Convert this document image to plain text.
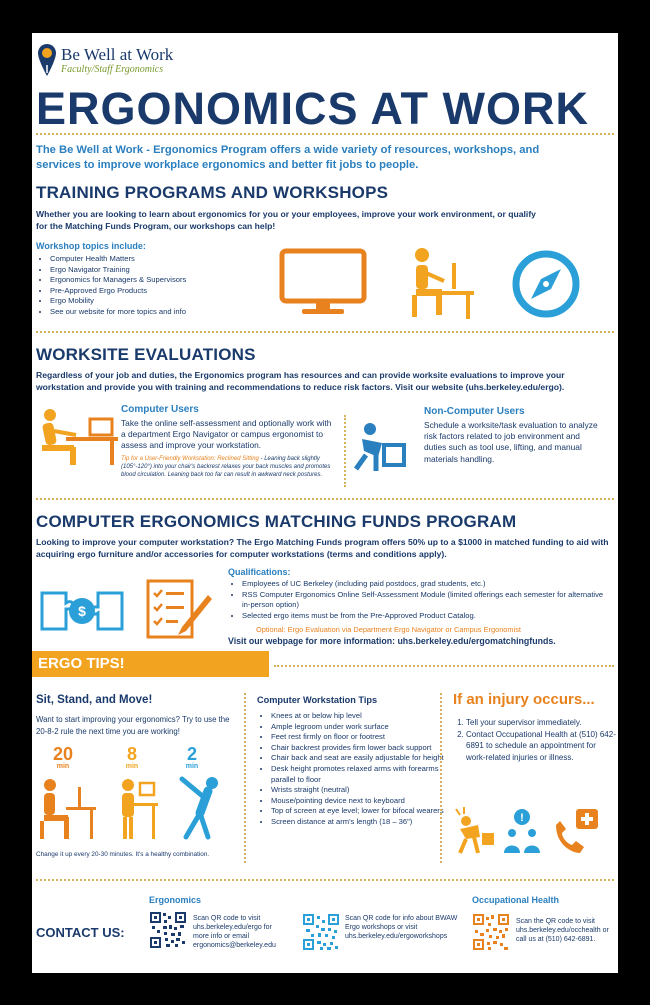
Be Well at Work
Faculty/Staff Ergonomics
ERGONOMICS AT WORK
The Be Well at Work - Ergonomics Program offers a wide variety of resources, workshops, and services to improve workplace ergonomics and better fit jobs to people.
TRAINING PROGRAMS AND WORKSHOPS
Whether you are looking to learn about ergonomics for you or your employees, improve your work environment, or qualify for the Matching Funds Program, our workshops can help!
Workshop topics include:
• Computer Health Matters
• Ergo Navigator Training
• Ergonomics for Managers & Supervisors
• Pre-Approved Ergo Products
• Ergo Mobility
• See our website for more topics and info
WORKSITE EVALUATIONS
Regardless of your job and duties, the Ergonomics program has resources and can provide worksite evaluations to improve your workstation and provide you with training and recommendations to reduce risk factors. Visit our website (uhs.berkeley.edu/ergo).
Computer Users
Take the online self-assessment and optionally work with a department Ergo Navigator or campus ergonomist to assess and improve your workstation.
Tip for a User-Friendly Workstation: Reclined Sitting - Leaning back slightly (105°-120°) into your chair's backrest relaxes your back muscles and promotes blood circulation. Leaning back too far can result in awkward neck postures.
Non-Computer Users
Schedule a worksite/task evaluation to analyze risk factors related to job environment and duties such as tool use, lifting, and manual materials handling.
COMPUTER ERGONOMICS MATCHING FUNDS PROGRAM
Looking to improve your computer workstation? The Ergo Matching Funds program offers 50% up to a $1000 in matched funding to aid with acquiring ergo furniture and/or accessories for computer workstations (terms and conditions apply).
$
Qualifications:
• Employees of UC Berkeley (including paid postdocs, grad students, etc.)
• RSS Computer Ergonomics Online Self-Assessment Module (limited offerings each semester for alternative in-person option)
• Selected ergo items must be from the Pre-Approved Product Catalog.
Optional: Ergo Evaluation via Department Ergo Navigator or Campus Ergonomist
Visit our webpage for more information: uhs.berkeley.edu/ergomatchingfunds.
ERGO TIPS!
Sit, Stand, and Move!
Want to start improving your ergonomics? Try to use the 20-8-2 rule the next time you are working!
20
min
8
min
2
min
Change it up every 20-30 minutes. It's a healthy combination.
Computer Workstation Tips
• Knees at or below hip level
• Ample legroom under work surface
• Feet rest firmly on floor or footrest
• Chair backrest provides firm lower back support
• Chair back and seat are easily adjustable for height
• Desk height promotes relaxed arms with forearms parallel to floor
• Wrists straight (neutral)
• Mouse/pointing device next to keyboard
• Top of screen at eye level; lower for bifocal wearers
• Screen distance at arm's length (18 – 36")
If an injury occurs...
1. Tell your supervisor immediately.
2. Contact Occupational Health at (510) 642-6891 to schedule an appointment for work-related injuries or illness.
!
CONTACT US:
Ergonomics
Scan QR code to visit uhs.berkeley.edu/ergo for more info or email ergonomics@berkeley.edu
Scan QR code for info about BWAW Ergo workshops or visit uhs.berkeley.edu/ergoworkshops
Occupational Health
Scan the QR code to visit uhs.berkeley.edu/occhealth or call us at (510) 642-6891.
